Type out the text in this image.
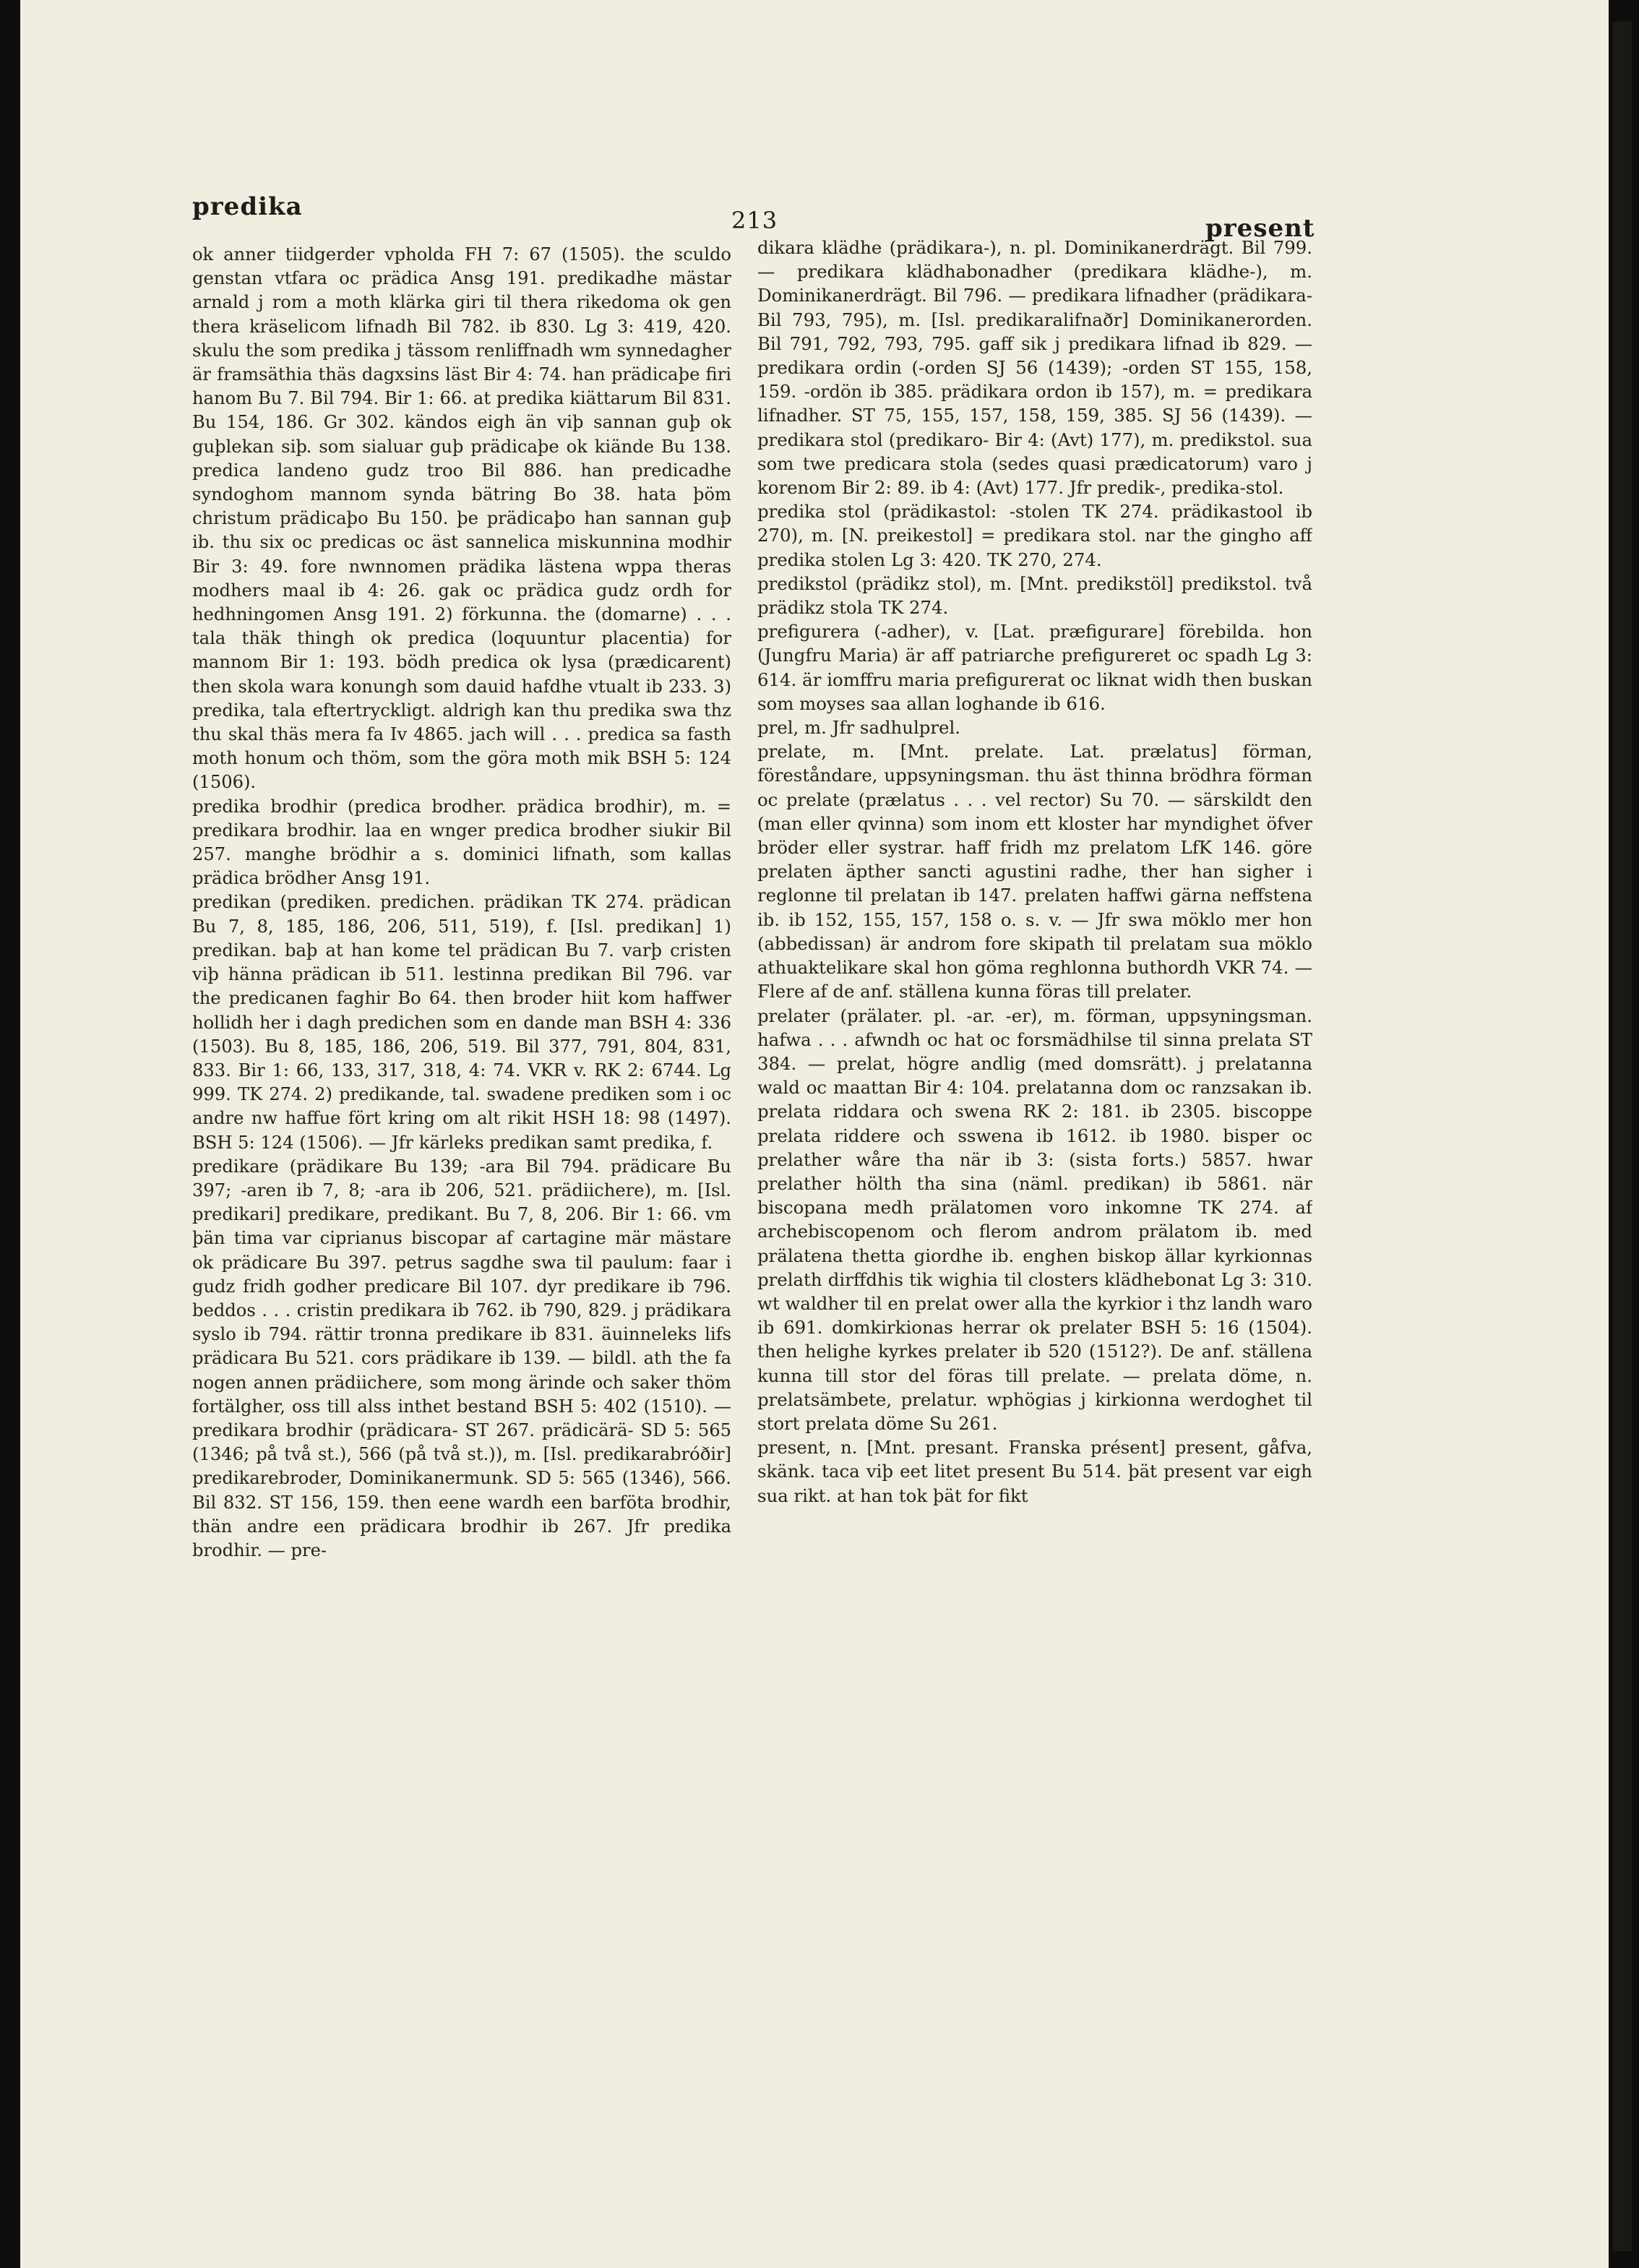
predika	213	present

ok anner tiidgerder vpholda FH 7: 67 (1505). the sculdo genstan vtfara oc prädica Ansg 191. predikadhe mästar arnald j rom a moth klärka giri til thera rikedoma ok gen thera kräselicom lifnadh Bil 782. ib 830. Lg 3: 419, 420. skulu the som predika j tässom renliffnadh wm synnedagher är framsäthia thäs dagxsins läst Bir 4: 74. han prädicaþe firi hanom Bu 7. Bil 794. Bir 1: 66. at predika kiättarum Bil 831. Bu 154, 186. Gr 302. kändos eigh än viþ sannan guþ ok guþlekan siþ. som sialuar guþ prädicaþe ok kiände Bu 138. predica landeno gudz troo Bil 886. han predicadhe syndoghom mannom synda bätring Bo 38. hata þöm christum prädicaþo Bu 150. þe prädicaþo han sannan guþ ib. thu six oc predicas oc äst sannelica miskunnina modhir Bir 3: 49. fore nwnnomen prädika lästena wppa theras modhers maal ib 4: 26. gak oc prädica gudz ordh for hedhningomen Ansg 191. 2) förkunna. the (domarne) . . . tala thäk thingh ok predica (loquuntur placentia) for mannom Bir 1: 193. bödh predica ok lysa (prædicarent) then skola wara konungh som dauid hafdhe vtualt ib 233. 3) predika, tala eftertryckligt. aldrigh kan thu predika swa thz thu skal thäs mera fa Iv 4865. jach will . . . predica sa fasth moth honum och thöm, som the göra moth mik BSH 5: 124 (1506).

predika brodhir (predica brodher. prädica brodhir), m. = predikara brodhir. laa en wnger predica brodher siukir Bil 257. manghe brödhir a s. dominici lifnath, som kallas prädica brödher Ansg 191.

predikan (prediken. predichen. prädikan TK 274. prädican Bu 7, 8, 185, 186, 206, 511, 519), f. [Isl. predikan] 1) predikan. baþ at han kome tel prädican Bu 7. varþ cristen viþ hänna prädican ib 511. lestinna predikan Bil 796. var the predicanen faghir Bo 64. then broder hiit kom haffwer hollidh her i dagh predichen som en dande man BSH 4: 336 (1503). Bu 8, 185, 186, 206, 519. Bil 377, 791, 804, 831, 833. Bir 1: 66, 133, 317, 318, 4: 74. VKR v. RK 2: 6744. Lg 999. TK 274. 2) predikande, tal. swadene prediken som i oc andre nw haffue fört kring om alt rikit HSH 18: 98 (1497). BSH 5: 124 (1506). — Jfr kärleks predikan samt predika, f.

predikare (prädikare Bu 139; -ara Bil 794. prädicare Bu 397; -aren ib 7, 8; -ara ib 206, 521. prädiichere), m. [Isl. predikari] predikare, predikant. Bu 7, 8, 206. Bir 1: 66. vm þän tima var ciprianus biscopar af cartagine mär mästare ok prädicare Bu 397. petrus sagdhe swa til paulum: faar i gudz fridh godher predicare Bil 107. dyr predikare ib 796. beddos . . . cristin predikara ib 762. ib 790, 829. j prädikara syslo ib 794. rättir tronna predikare ib 831. äuinneleks lifs prädicara Bu 521. cors prädikare ib 139. — bildl. ath the fa nogen annen prädiichere, som mong ärinde och saker thöm fortälgher, oss till alss inthet bestand BSH 5: 402 (1510). — predikara brodhir (prädicara- ST 267. prädicärä- SD 5: 565 (1346; på två st.), 566 (på två st.)), m. [Isl. predikarabróðir] predikarebroder, Dominikanermunk. SD 5: 565 (1346), 566. Bil 832. ST 156, 159. then eene wardh een barföta brodhir, thän andre een prädicara brodhir ib 267. Jfr predika brodhir. — pre-

dikara klädhe (prädikara-), n. pl. Dominikanerdrägt. Bil 799. — predikara klädhabonadher (predikara klädhe-), m. Dominikanerdrägt. Bil 796. — predikara lifnadher (prädikara- Bil 793, 795), m. [Isl. predikaralifnaðr] Dominikanerorden. Bil 791, 792, 793, 795. gaff sik j predikara lifnad ib 829. — predikara ordin (-orden SJ 56 (1439); -orden ST 155, 158, 159. -ordön ib 385. prädikara ordon ib 157), m. = predikara lifnadher. ST 75, 155, 157, 158, 159, 385. SJ 56 (1439). — predikara stol (predikaro- Bir 4: (Avt) 177), m. predikstol. sua som twe predicara stola (sedes quasi prædicatorum) varo j korenom Bir 2: 89. ib 4: (Avt) 177. Jfr predik-, predika-stol.

predika stol (prädikastol: -stolen TK 274. prädikastool ib 270), m. [N. preikestol] = predikara stol. nar the gingho aff predika stolen Lg 3: 420. TK 270, 274.

predikstol (prädikz stol), m. [Mnt. predikstöl] predikstol. två prädikz stola TK 274.

prefigurera (-adher), v. [Lat. præfigurare] förebilda. hon (Jungfru Maria) är aff patriarche prefigureret oc spadh Lg 3: 614. är iomffru maria prefigurerat oc liknat widh then buskan som moyses saa allan loghande ib 616.

prel, m. Jfr sadhulprel.

prelate, m. [Mnt. prelate. Lat. prælatus] förman, föreståndare, uppsyningsman. thu äst thinna brödhra förman oc prelate (prælatus . . . vel rector) Su 70. — särskildt den (man eller qvinna) som inom ett kloster har myndighet öfver bröder eller systrar. haff fridh mz prelatom LfK 146. göre prelaten äpther sancti agustini radhe, ther han sigher i reglonne til prelatan ib 147. prelaten haffwi gärna neffstena ib. ib 152, 155, 157, 158 o. s. v. — Jfr swa möklo mer hon (abbedissan) är androm fore skipath til prelatam sua möklo athuaktelikare skal hon göma reghlonna buthordh VKR 74. — Flere af de anf. ställena kunna föras till prelater.

prelater (prälater. pl. -ar. -er), m. förman, uppsyningsman. hafwa . . . afwndh oc hat oc forsmädhilse til sinna prelata ST 384. — prelat, högre andlig (med domsrätt). j prelatanna wald oc maattan Bir 4: 104. prelatanna dom oc ranzsakan ib. prelata riddara och swena RK 2: 181. ib 2305. biscoppe prelata riddere och sswena ib 1612. ib 1980. bisper oc prelather wåre tha när ib 3: (sista forts.) 5857. hwar prelather hölth tha sina (näml. predikan) ib 5861. när biscopana medh prälatomen voro inkomne TK 274. af archebiscopenom och flerom androm prälatom ib. med prälatena thetta giordhe ib. enghen biskop ällar kyrkionnas prelath dirffdhis tik wighia til closters klädhebonat Lg 3: 310. wt waldher til en prelat ower alla the kyrkior i thz landh waro ib 691. domkirkionas herrar ok prelater BSH 5: 16 (1504). then helighe kyrkes prelater ib 520 (1512?). De anf. ställena kunna till stor del föras till prelate. — prelata döme, n. prelatsämbete, prelatur. wphögias j kirkionna werdoghet til stort prelata döme Su 261.

present, n. [Mnt. presant. Franska présent] present, gåfva, skänk. taca viþ eet litet present Bu 514. þät present var eigh sua rikt. at han tok þät for fikt
